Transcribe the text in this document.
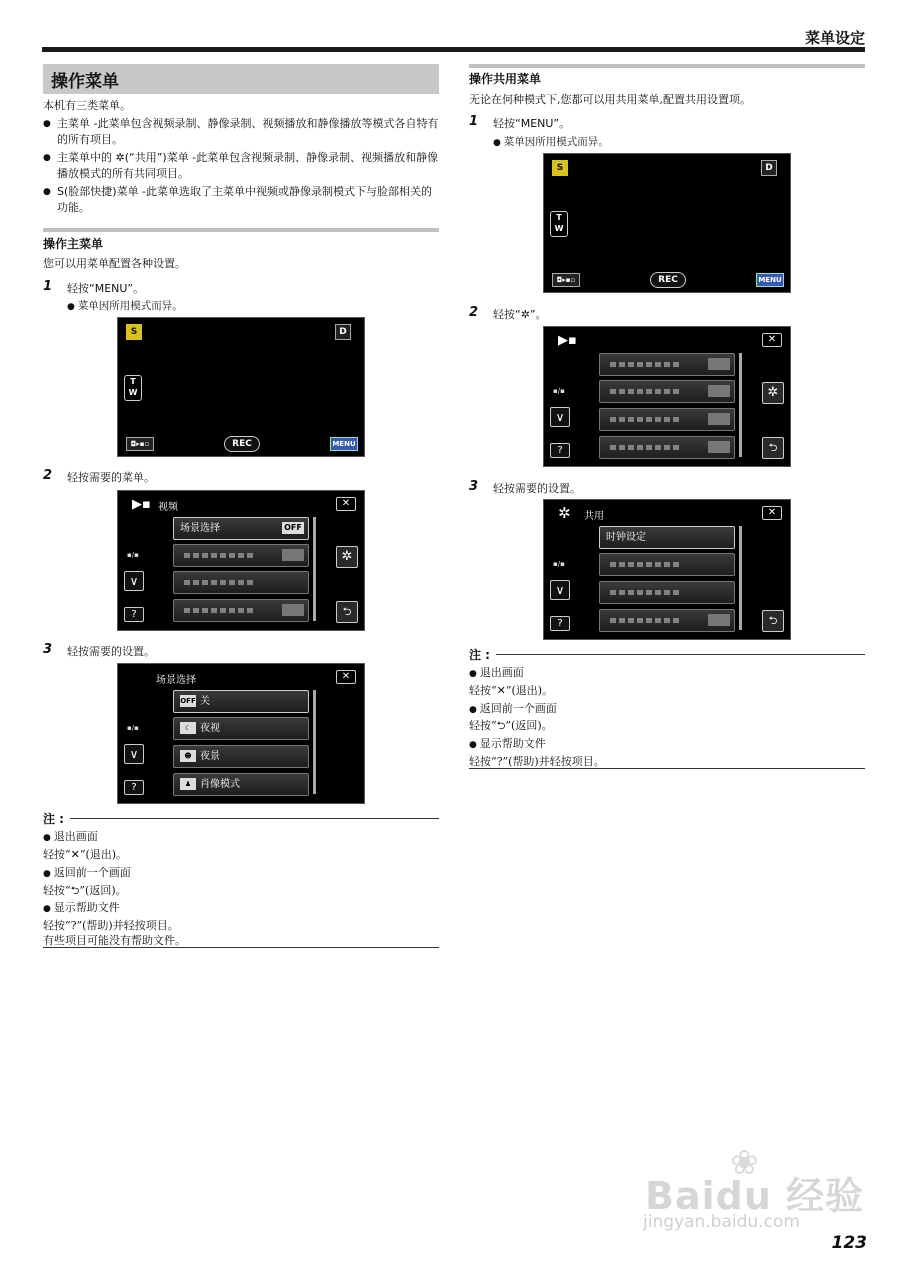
菜单设定
操作菜单
本机有三类菜单。
● 主菜单 -此菜单包含视频录制、静像录制、视频播放和静像播放等模式各自特有的所有项目。
● 主菜单中的 ✲(“共用”)菜单 -此菜单包含视频录制、静像录制、视频播放和静像播放模式的所有共同项目。
● S(脸部快捷)菜单 -此菜单选取了主菜单中视频或静像录制模式下与脸部相关的功能。
操作主菜单
您可以用菜单配置各种设置。
1 轻按“MENU”。
● 菜单因所用模式而异。
S	D
T
W
◘▸▪▫	REC	MENU
2 轻按需要的菜单。
▶▪ 视频	✕
场景选择	OFF
▪/▪
∨
?
✲
⮌
3 轻按需要的设置。
场景选择	✕
OFF 关
☾ 夜视
☻ 夜景
♟ 肖像模式
▪/▪
∨
?
注 :
● 退出画面
轻按“✕”(退出)。
● 返回前一个画面
轻按“⮌”(返回)。
● 显示帮助文件
轻按“?”(帮助)并轻按项目。
有些项目可能没有帮助文件。
操作共用菜单
无论在何种模式下,您都可以用共用菜单,配置共用设置项。
1 轻按“MENU”。
● 菜单因所用模式而异。
S	D
T
W
◘▸▪▫	REC	MENU
2 轻按“✲”。
▶▪	✕
▪/▪
∨
?
✲
⮌
3 轻按需要的设置。
✲ 共用	✕
时钟设定
▪/▪
∨
?	⮌
注 :
● 退出画面
轻按“✕”(退出)。
● 返回前一个画面
轻按“⮌”(返回)。
● 显示帮助文件
轻按“?”(帮助)并轻按项目。
❀
Baidu 经验
jingyan.baidu.com
123
